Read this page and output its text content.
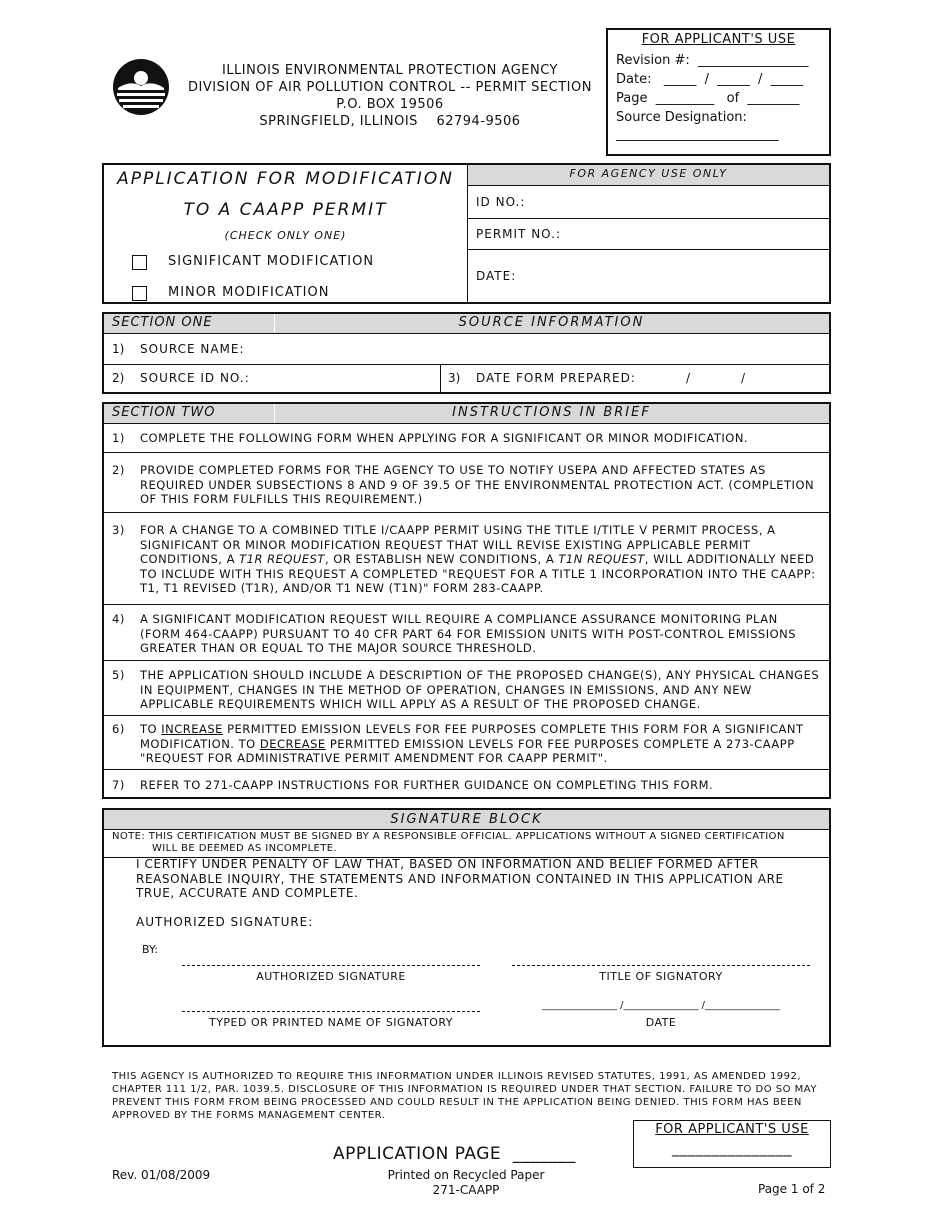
ILLINOIS ENVIRONMENTAL PROTECTION AGENCY
DIVISION OF AIR POLLUTION CONTROL -- PERMIT SECTION
P.O. BOX 19506
SPRINGFIELD, ILLINOIS    62794-9506
FOR APPLICANT'S USE
Revision #:  _________________
Date:   _____  /  _____  /  _____
Page  _________   of  ________
Source Designation:
_________________________
APPLICATION FOR MODIFICATION
TO A CAAPP PERMIT
(CHECK ONLY ONE)
SIGNIFICANT MODIFICATION
MINOR MODIFICATION
FOR AGENCY USE ONLY
ID NO.:
PERMIT NO.:
DATE:
SECTION ONE	SOURCE INFORMATION
1) SOURCE NAME:
2) SOURCE ID NO.:	3) DATE FORM PREPARED:	/	/
SECTION TWO	INSTRUCTIONS IN BRIEF
1) COMPLETE THE FOLLOWING FORM WHEN APPLYING FOR A SIGNIFICANT OR MINOR MODIFICATION.
2) PROVIDE COMPLETED FORMS FOR THE AGENCY TO USE TO NOTIFY USEPA AND AFFECTED STATES AS REQUIRED UNDER SUBSECTIONS 8 AND 9 OF 39.5 OF THE ENVIRONMENTAL PROTECTION ACT. (COMPLETION OF THIS FORM FULFILLS THIS REQUIREMENT.)
3) FOR A CHANGE TO A COMBINED TITLE I/CAAPP PERMIT USING THE TITLE I/TITLE V PERMIT PROCESS, A SIGNIFICANT OR MINOR MODIFICATION REQUEST THAT WILL REVISE EXISTING APPLICABLE PERMIT CONDITIONS, A T1R REQUEST, OR ESTABLISH NEW CONDITIONS, A T1N REQUEST, WILL ADDITIONALLY NEED TO INCLUDE WITH THIS REQUEST A COMPLETED "REQUEST FOR A TITLE 1 INCORPORATION INTO THE CAAPP: T1, T1 REVISED (T1R), AND/OR T1 NEW (T1N)" FORM 283-CAAPP.
4) A SIGNIFICANT MODIFICATION REQUEST WILL REQUIRE A COMPLIANCE ASSURANCE MONITORING PLAN (FORM 464-CAAPP) PURSUANT TO 40 CFR PART 64 FOR EMISSION UNITS WITH POST-CONTROL EMISSIONS GREATER THAN OR EQUAL TO THE MAJOR SOURCE THRESHOLD.
5) THE APPLICATION SHOULD INCLUDE A DESCRIPTION OF THE PROPOSED CHANGE(S), ANY PHYSICAL CHANGES IN EQUIPMENT, CHANGES IN THE METHOD OF OPERATION, CHANGES IN EMISSIONS, AND ANY NEW APPLICABLE REQUIREMENTS WHICH WILL APPLY AS A RESULT OF THE PROPOSED CHANGE.
6) TO INCREASE PERMITTED EMISSION LEVELS FOR FEE PURPOSES COMPLETE THIS FORM FOR A SIGNIFICANT MODIFICATION. TO DECREASE PERMITTED EMISSION LEVELS FOR FEE PURPOSES COMPLETE A 273-CAAPP "REQUEST FOR ADMINISTRATIVE PERMIT AMENDMENT FOR CAAPP PERMIT".
7) REFER TO 271-CAAPP INSTRUCTIONS FOR FURTHER GUIDANCE ON COMPLETING THIS FORM.
SIGNATURE BLOCK
NOTE: THIS CERTIFICATION MUST BE SIGNED BY A RESPONSIBLE OFFICIAL. APPLICATIONS WITHOUT A SIGNED CERTIFICATION
WILL BE DEEMED AS INCOMPLETE.
I CERTIFY UNDER PENALTY OF LAW THAT, BASED ON INFORMATION AND BELIEF FORMED AFTER REASONABLE INQUIRY, THE STATEMENTS AND INFORMATION CONTAINED IN THIS APPLICATION ARE TRUE, ACCURATE AND COMPLETE.
AUTHORIZED SIGNATURE:
BY:
AUTHORIZED SIGNATURE	TITLE OF SIGNATORY
TYPED OR PRINTED NAME OF SIGNATORY
_______________ /_______________ /_______________
DATE
THIS AGENCY IS AUTHORIZED TO REQUIRE THIS INFORMATION UNDER ILLINOIS REVISED STATUTES, 1991, AS AMENDED 1992, CHAPTER 111 1/2, PAR. 1039.5. DISCLOSURE OF THIS INFORMATION IS REQUIRED UNDER THAT SECTION. FAILURE TO DO SO MAY PREVENT THIS FORM FROM BEING PROCESSED AND COULD RESULT IN THE APPLICATION BEING DENIED. THIS FORM HAS BEEN APPROVED BY THE FORMS MANAGEMENT CENTER.
APPLICATION PAGE  _______
FOR APPLICANT'S USE
_______________
Rev. 01/08/2009	Printed on Recycled Paper
271-CAAPP	Page 1 of 2
